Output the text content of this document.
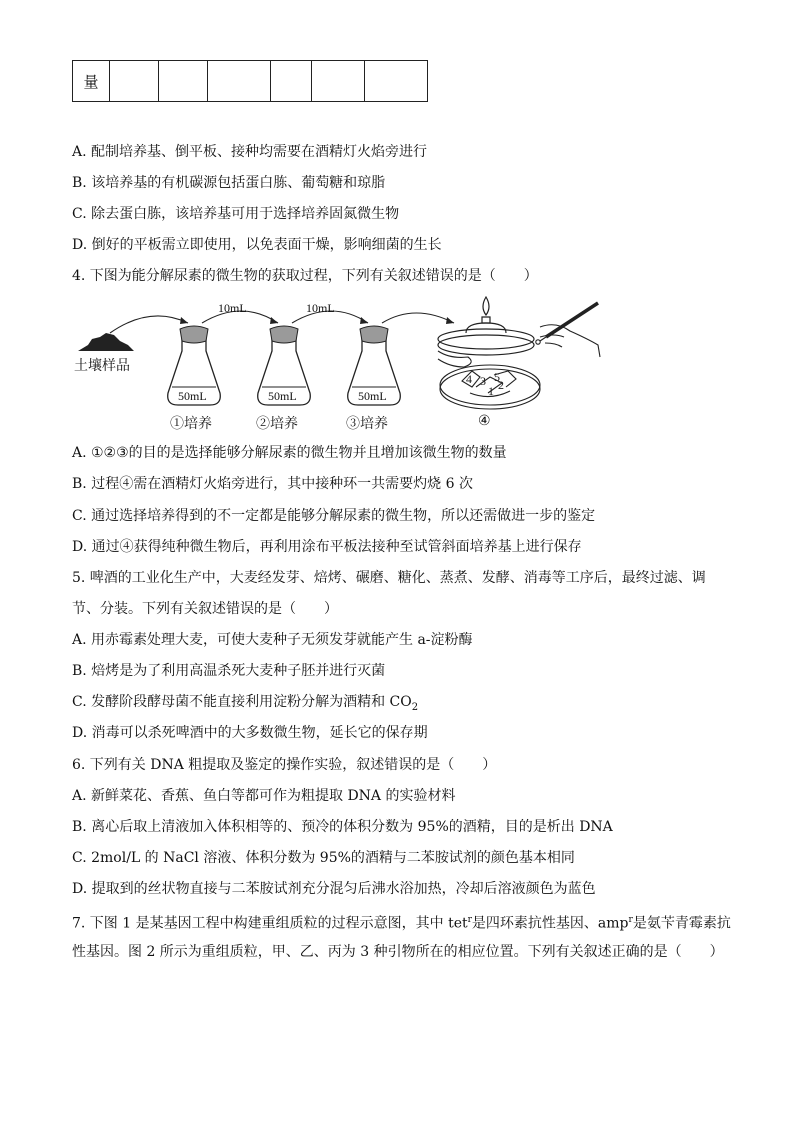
量						
A. 配制培养基、倒平板、接种均需要在酒精灯火焰旁进行
B. 该培养基的有机碳源包括蛋白胨、葡萄糖和琼脂
C. 除去蛋白胨，该培养基可用于选择培养固氮微生物
D. 倒好的平板需立即使用，以免表面干燥，影响细菌的生长
4. 下图为能分解尿素的微生物的获取过程，下列有关叙述错误的是（　　）
4 3 5
2
1
土壤样品
10mL	10mL
50mL	50mL	50mL
①培养	②培养	③培养	④
A. ①②③的目的是选择能够分解尿素的微生物并且增加该微生物的数量
B. 过程④需在酒精灯火焰旁进行，其中接种环一共需要灼烧 6 次
C. 通过选择培养得到的不一定都是能够分解尿素的微生物，所以还需做进一步的鉴定
D. 通过④获得纯种微生物后，再利用涂布平板法接种至试管斜面培养基上进行保存
5. 啤酒的工业化生产中，大麦经发芽、焙烤、碾磨、糖化、蒸煮、发酵、消毒等工序后，最终过滤、调
节、分装。下列有关叙述错误的是（　　）
A. 用赤霉素处理大麦，可使大麦种子无须发芽就能产生 a-淀粉酶
B. 焙烤是为了利用高温杀死大麦种子胚并进行灭菌
C. 发酵阶段酵母菌不能直接利用淀粉分解为酒精和 $CO_2$
D. 消毒可以杀死啤酒中的大多数微生物，延长它的保存期
6. 下列有关 DNA 粗提取及鉴定的操作实验，叙述错误的是（　　）
A. 新鲜菜花、香蕉、鱼白等都可作为粗提取 DNA 的实验材料
B. 离心后取上清液加入体积相等的、预冷的体积分数为 95%的酒精，目的是析出 DNA
C. 2mol/L 的 NaCl 溶液、体积分数为 95%的酒精与二苯胺试剂的颜色基本相同
D. 提取到的丝状物直接与二苯胺试剂充分混匀后沸水浴加热，冷却后溶液颜色为蓝色
7. 下图 1 是某基因工程中构建重组质粒的过程示意图，其中 tet$^r$是四环素抗性基因、amp$^r$是氨苄青霉素抗
性基因。图 2 所示为重组质粒，甲、乙、丙为 3 种引物所在的相应位置。下列有关叙述正确的是（　　）
